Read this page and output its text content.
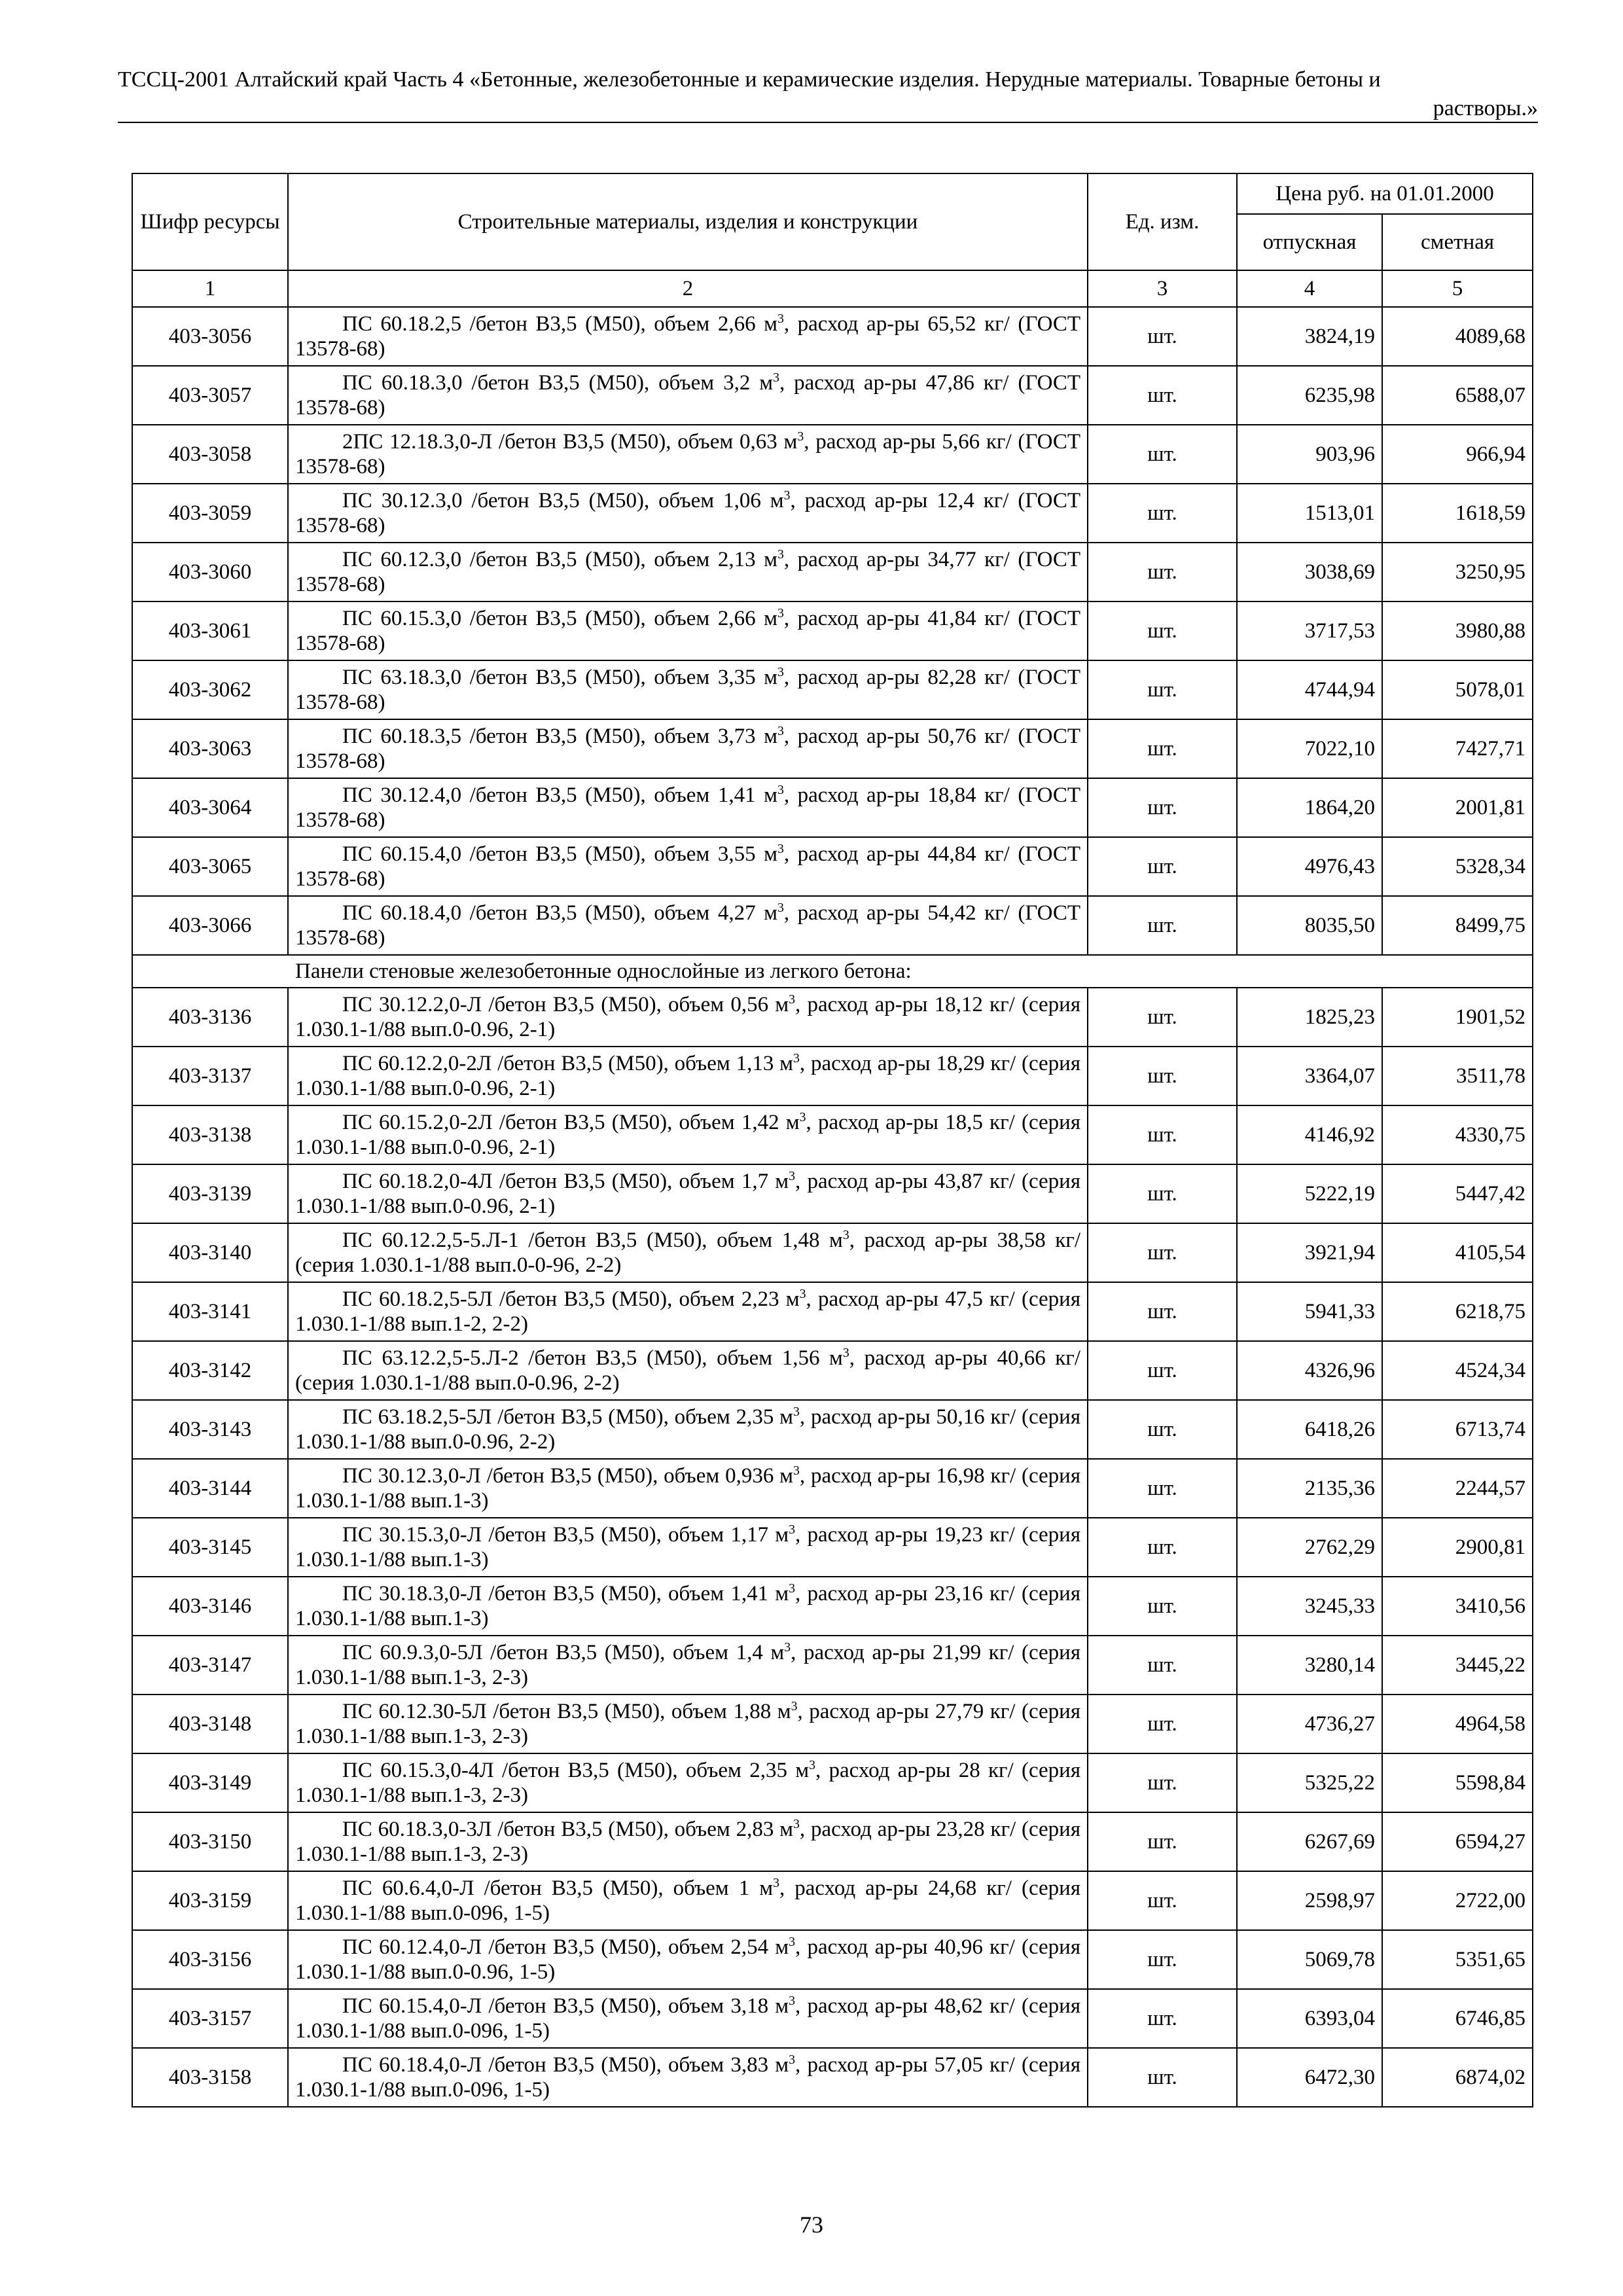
ТССЦ-2001 Алтайский край Часть 4 «Бетонные, железобетонные и керамические изделия. Нерудные материалы. Товарные бетоны и
растворы.»
Шифр ресурсы	Строительные материалы, изделия и конструкции	Ед. изм.	Цена руб. на 01.01.2000	
			отпускная	сметная
1	2	3	4	5
403-3056	ПС 60.18.2,5 /бетон В3,5 (М50), объем 2,66 $м^3$, расход ар-ры 65,52 кг/ (ГОСТ 13578-68)	шт.	3824,19	4089,68
403-3057	ПС 60.18.3,0 /бетон В3,5 (М50), объем 3,2 $м^3$, расход ар-ры 47,86 кг/ (ГОСТ 13578-68)	шт.	6235,98	6588,07
403-3058	2ПС 12.18.3,0-Л /бетон В3,5 (М50), объем 0,63 $м^3$, расход ар-ры 5,66 кг/ (ГОСТ 13578-68)	шт.	903,96	966,94
403-3059	ПС 30.12.3,0 /бетон В3,5 (М50), объем 1,06 $м^3$, расход ар-ры 12,4 кг/ (ГОСТ 13578-68)	шт.	1513,01	1618,59
403-3060	ПС 60.12.3,0 /бетон В3,5 (М50), объем 2,13 $м^3$, расход ар-ры 34,77 кг/ (ГОСТ 13578-68)	шт.	3038,69	3250,95
403-3061	ПС 60.15.3,0 /бетон В3,5 (М50), объем 2,66 $м^3$, расход ар-ры 41,84 кг/ (ГОСТ 13578-68)	шт.	3717,53	3980,88
403-3062	ПС 63.18.3,0 /бетон В3,5 (М50), объем 3,35 $м^3$, расход ар-ры 82,28 кг/ (ГОСТ 13578-68)	шт.	4744,94	5078,01
403-3063	ПС 60.18.3,5 /бетон В3,5 (М50), объем 3,73 $м^3$, расход ар-ры 50,76 кг/ (ГОСТ 13578-68)	шт.	7022,10	7427,71
403-3064	ПС 30.12.4,0 /бетон В3,5 (М50), объем 1,41 $м^3$, расход ар-ры 18,84 кг/ (ГОСТ 13578-68)	шт.	1864,20	2001,81
403-3065	ПС 60.15.4,0 /бетон В3,5 (М50), объем 3,55 $м^3$, расход ар-ры 44,84 кг/ (ГОСТ 13578-68)	шт.	4976,43	5328,34
403-3066	ПС 60.18.4,0 /бетон В3,5 (М50), объем 4,27 $м^3$, расход ар-ры 54,42 кг/ (ГОСТ 13578-68)	шт.	8035,50	8499,75
Панели стеновые железобетонные однослойные из легкого бетона:				
403-3136	ПС 30.12.2,0-Л /бетон В3,5 (М50), объем 0,56 $м^3$, расход ар-ры 18,12 кг/ (серия 1.030.1-1/88 вып.0-0.96, 2-1)	шт.	1825,23	1901,52
403-3137	ПС 60.12.2,0-2Л /бетон В3,5 (М50), объем 1,13 $м^3$, расход ар-ры 18,29 кг/ (серия 1.030.1-1/88 вып.0-0.96, 2-1)	шт.	3364,07	3511,78
403-3138	ПС 60.15.2,0-2Л /бетон В3,5 (М50), объем 1,42 $м^3$, расход ар-ры 18,5 кг/ (серия 1.030.1-1/88 вып.0-0.96, 2-1)	шт.	4146,92	4330,75
403-3139	ПС 60.18.2,0-4Л /бетон В3,5 (М50), объем 1,7 $м^3$, расход ар-ры 43,87 кг/ (серия 1.030.1-1/88 вып.0-0.96, 2-1)	шт.	5222,19	5447,42
403-3140	ПС 60.12.2,5-5.Л-1 /бетон В3,5 (М50), объем 1,48 $м^3$, расход ар-ры 38,58 кг/ (серия 1.030.1-1/88 вып.0-0-96, 2-2)	шт.	3921,94	4105,54
403-3141	ПС 60.18.2,5-5Л /бетон В3,5 (М50), объем 2,23 $м^3$, расход ар-ры 47,5 кг/ (серия 1.030.1-1/88 вып.1-2, 2-2)	шт.	5941,33	6218,75
403-3142	ПС 63.12.2,5-5.Л-2 /бетон В3,5 (М50), объем 1,56 $м^3$, расход ар-ры 40,66 кг/ (серия 1.030.1-1/88 вып.0-0.96, 2-2)	шт.	4326,96	4524,34
403-3143	ПС 63.18.2,5-5Л /бетон В3,5 (М50), объем 2,35 $м^3$, расход ар-ры 50,16 кг/ (серия 1.030.1-1/88 вып.0-0.96, 2-2)	шт.	6418,26	6713,74
403-3144	ПС 30.12.3,0-Л /бетон В3,5 (М50), объем 0,936 $м^3$, расход ар-ры 16,98 кг/ (серия 1.030.1-1/88 вып.1-3)	шт.	2135,36	2244,57
403-3145	ПС 30.15.3,0-Л /бетон В3,5 (М50), объем 1,17 $м^3$, расход ар-ры 19,23 кг/ (серия 1.030.1-1/88 вып.1-3)	шт.	2762,29	2900,81
403-3146	ПС 30.18.3,0-Л /бетон В3,5 (М50), объем 1,41 $м^3$, расход ар-ры 23,16 кг/ (серия 1.030.1-1/88 вып.1-3)	шт.	3245,33	3410,56
403-3147	ПС 60.9.3,0-5Л /бетон В3,5 (М50), объем 1,4 $м^3$, расход ар-ры 21,99 кг/ (серия 1.030.1-1/88 вып.1-3, 2-3)	шт.	3280,14	3445,22
403-3148	ПС 60.12.30-5Л /бетон В3,5 (М50), объем 1,88 $м^3$, расход ар-ры 27,79 кг/ (серия 1.030.1-1/88 вып.1-3, 2-3)	шт.	4736,27	4964,58
403-3149	ПС 60.15.3,0-4Л /бетон В3,5 (М50), объем 2,35 $м^3$, расход ар-ры 28 кг/ (серия 1.030.1-1/88 вып.1-3, 2-3)	шт.	5325,22	5598,84
403-3150	ПС 60.18.3,0-3Л /бетон В3,5 (М50), объем 2,83 $м^3$, расход ар-ры 23,28 кг/ (серия 1.030.1-1/88 вып.1-3, 2-3)	шт.	6267,69	6594,27
403-3159	ПС 60.6.4,0-Л /бетон В3,5 (М50), объем 1 $м^3$, расход ар-ры 24,68 кг/ (серия 1.030.1-1/88 вып.0-096, 1-5)	шт.	2598,97	2722,00
403-3156	ПС 60.12.4,0-Л /бетон В3,5 (М50), объем 2,54 $м^3$, расход ар-ры 40,96 кг/ (серия 1.030.1-1/88 вып.0-0.96, 1-5)	шт.	5069,78	5351,65
403-3157	ПС 60.15.4,0-Л /бетон В3,5 (М50), объем 3,18 $м^3$, расход ар-ры 48,62 кг/ (серия 1.030.1-1/88 вып.0-096, 1-5)	шт.	6393,04	6746,85
403-3158	ПС 60.18.4,0-Л /бетон В3,5 (М50), объем 3,83 $м^3$, расход ар-ры 57,05 кг/ (серия 1.030.1-1/88 вып.0-096, 1-5)	шт.	6472,30	6874,02
73
